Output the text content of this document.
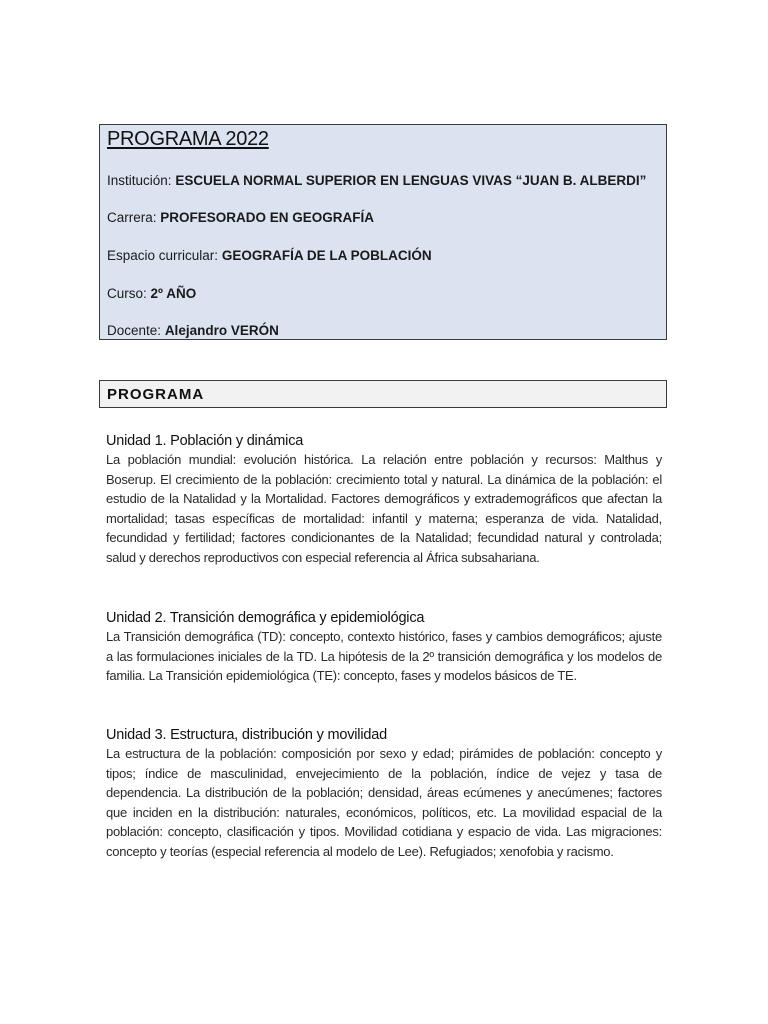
PROGRAMA 2022
Institución: ESCUELA NORMAL SUPERIOR EN LENGUAS VIVAS “JUAN B. ALBERDI”
Carrera: PROFESORADO EN GEOGRAFÍA
Espacio curricular: GEOGRAFÍA DE LA POBLACIÓN
Curso: 2º AÑO
Docente: Alejandro VERÓN
PROGRAMA
Unidad 1. Población y dinámica
La población mundial: evolución histórica. La relación entre población y recursos: Malthus y Boserup. El crecimiento de la población: crecimiento total y natural. La dinámica de la población: el estudio de la Natalidad y la Mortalidad. Factores demográficos y extrademográficos que afectan la mortalidad; tasas específicas de mortalidad: infantil y materna; esperanza de vida. Natalidad, fecundidad y fertilidad; factores condicionantes de la Natalidad; fecundidad natural y controlada; salud y derechos reproductivos con especial referencia al África subsahariana.
Unidad 2. Transición demográfica y epidemiológica
La Transición demográfica (TD): concepto, contexto histórico, fases y cambios demográficos; ajuste a las formulaciones iniciales de la TD. La hipótesis de la 2º transición demográfica y los modelos de familia. La Transición epidemiológica (TE): concepto, fases y modelos básicos de TE.
Unidad 3. Estructura, distribución y movilidad
La estructura de la población: composición por sexo y edad; pirámides de población: concepto y tipos; índice de masculinidad, envejecimiento de la población, índice de vejez y tasa de dependencia. La distribución de la población; densidad, áreas ecúmenes y anecúmenes; factores que inciden en la distribución: naturales, económicos, políticos, etc. La movilidad espacial de la población: concepto, clasificación y tipos. Movilidad cotidiana y espacio de vida. Las migraciones: concepto y teorías (especial referencia al modelo de Lee). Refugiados; xenofobia y racismo.
